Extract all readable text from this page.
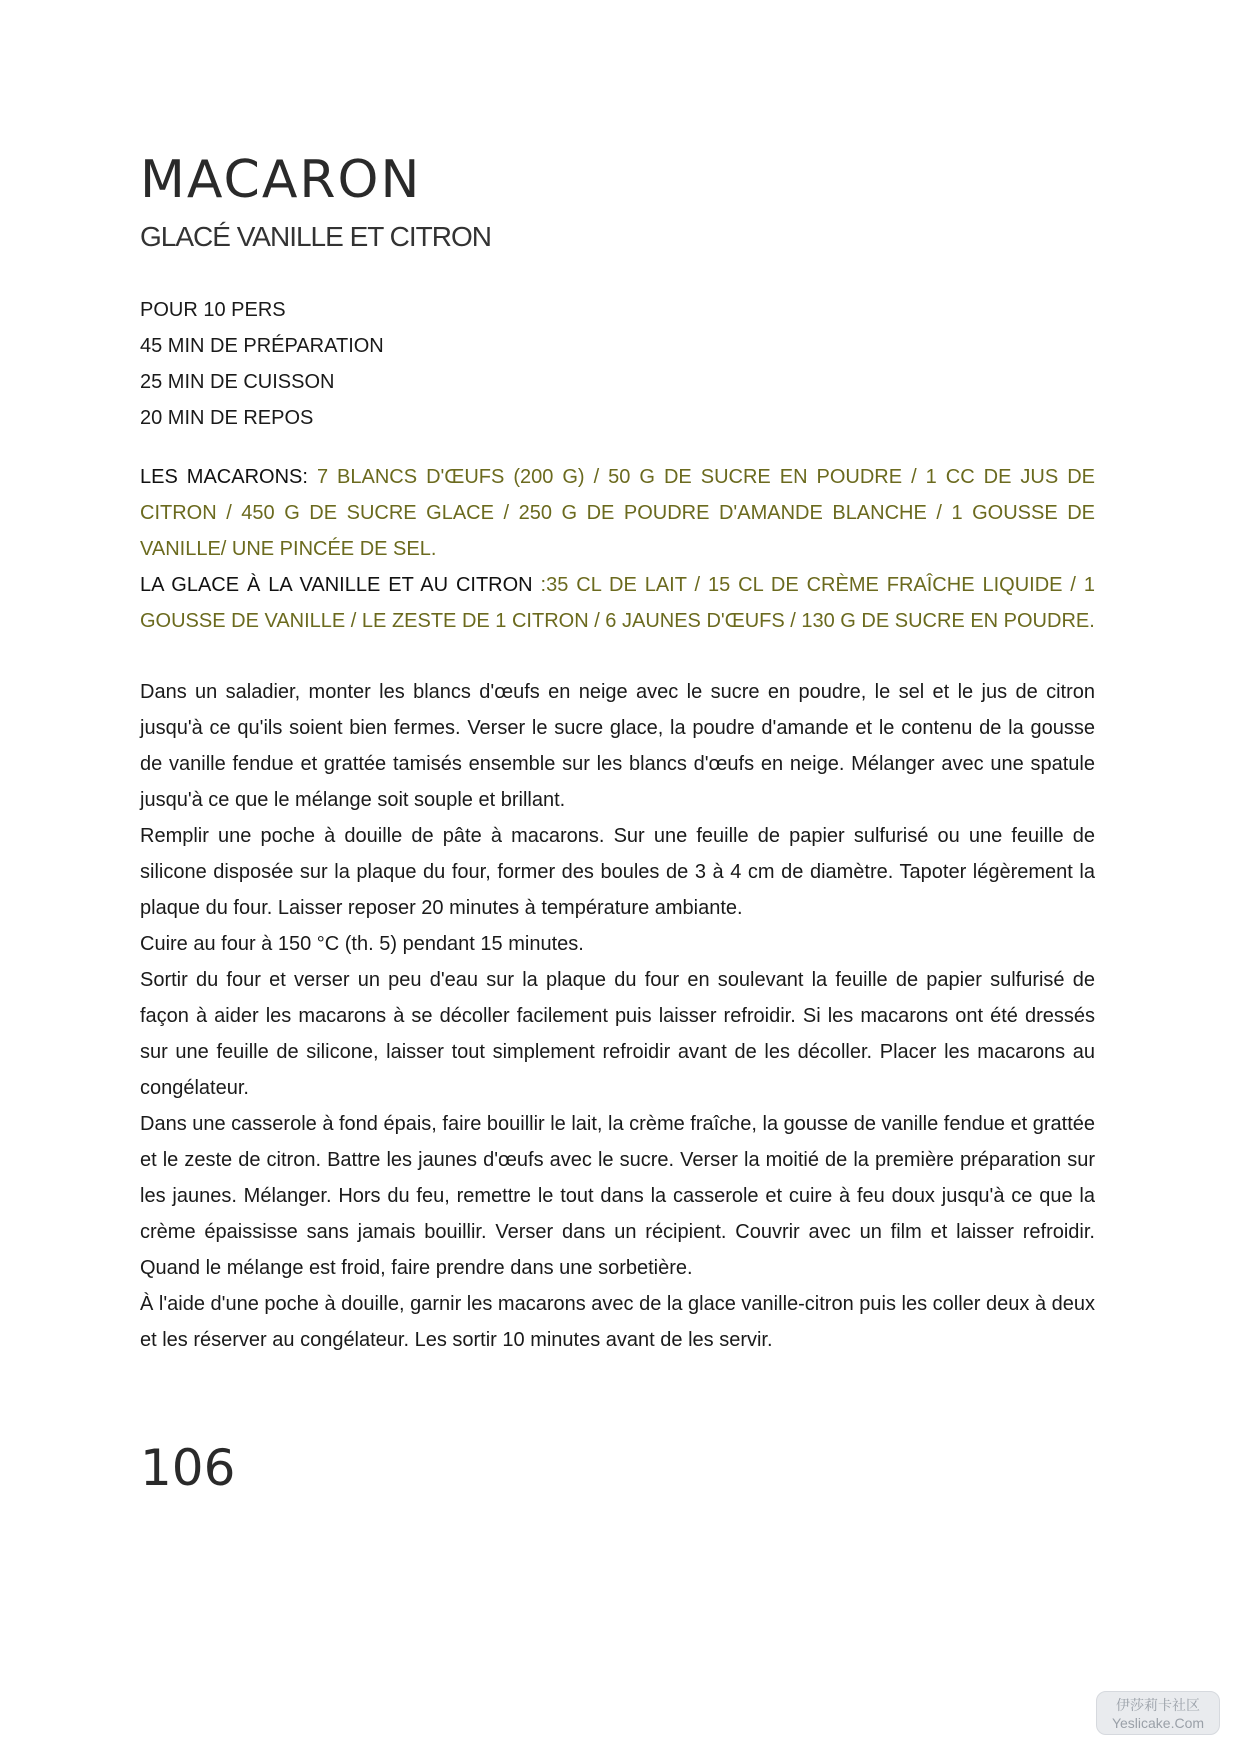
MACARON
GLACÉ VANILLE ET CITRON
POUR 10 PERS
45 MIN DE PRÉPARATION
25 MIN DE CUISSON
20 MIN DE REPOS

LES MACARONS: 7 BLANCS D'ŒUFS (200 G) / 50 G DE SUCRE EN POUDRE / 1 CC DE JUS DE CITRON / 450 G DE SUCRE GLACE / 250 G DE POUDRE D'AMANDE BLANCHE / 1 GOUSSE DE VANILLE/ UNE PINCÉE DE SEL.

LA GLACE À LA VANILLE ET AU CITRON :35 CL DE LAIT / 15 CL DE CRÈME FRAÎCHE LIQUIDE / 1 GOUSSE DE VANILLE / LE ZESTE DE 1 CITRON / 6 JAUNES D'ŒUFS / 130 G DE SUCRE EN POUDRE.

Dans un saladier, monter les blancs d'œufs en neige avec le sucre en poudre, le sel et le jus de citron jusqu'à ce qu'ils soient bien fermes. Verser le sucre glace, la poudre d'amande et le contenu de la gousse de vanille fendue et grattée tamisés ensemble sur les blancs d'œufs en neige. Mélanger avec une spatule jusqu'à ce que le mélange soit souple et brillant.

Remplir une poche à douille de pâte à macarons. Sur une feuille de papier sulfurisé ou une feuille de silicone disposée sur la plaque du four, former des boules de 3 à 4 cm de diamètre. Tapoter légèrement la plaque du four. Laisser reposer 20 minutes à température ambiante.

Cuire au four à 150 °C (th. 5) pendant 15 minutes.

Sortir du four et verser un peu d'eau sur la plaque du four en soulevant la feuille de papier sulfurisé de façon à aider les macarons à se décoller facilement puis laisser refroidir. Si les macarons ont été dressés sur une feuille de silicone, laisser tout simplement refroidir avant de les décoller. Placer les macarons au congélateur.

Dans une casserole à fond épais, faire bouillir le lait, la crème fraîche, la gousse de vanille fendue et grattée et le zeste de citron. Battre les jaunes d'œufs avec le sucre. Verser la moitié de la première préparation sur les jaunes. Mélanger. Hors du feu, remettre le tout dans la casserole et cuire à feu doux jusqu'à ce que la crème épaississe sans jamais bouillir. Verser dans un récipient. Couvrir avec un film et laisser refroidir. Quand le mélange est froid, faire prendre dans une sorbetière.

À l'aide d'une poche à douille, garnir les macarons avec de la glace vanille-citron puis les coller deux à deux et les réserver au congélateur. Les sortir 10 minutes avant de les servir.

106
伊莎莉卡社区
Yeslicake.Com
